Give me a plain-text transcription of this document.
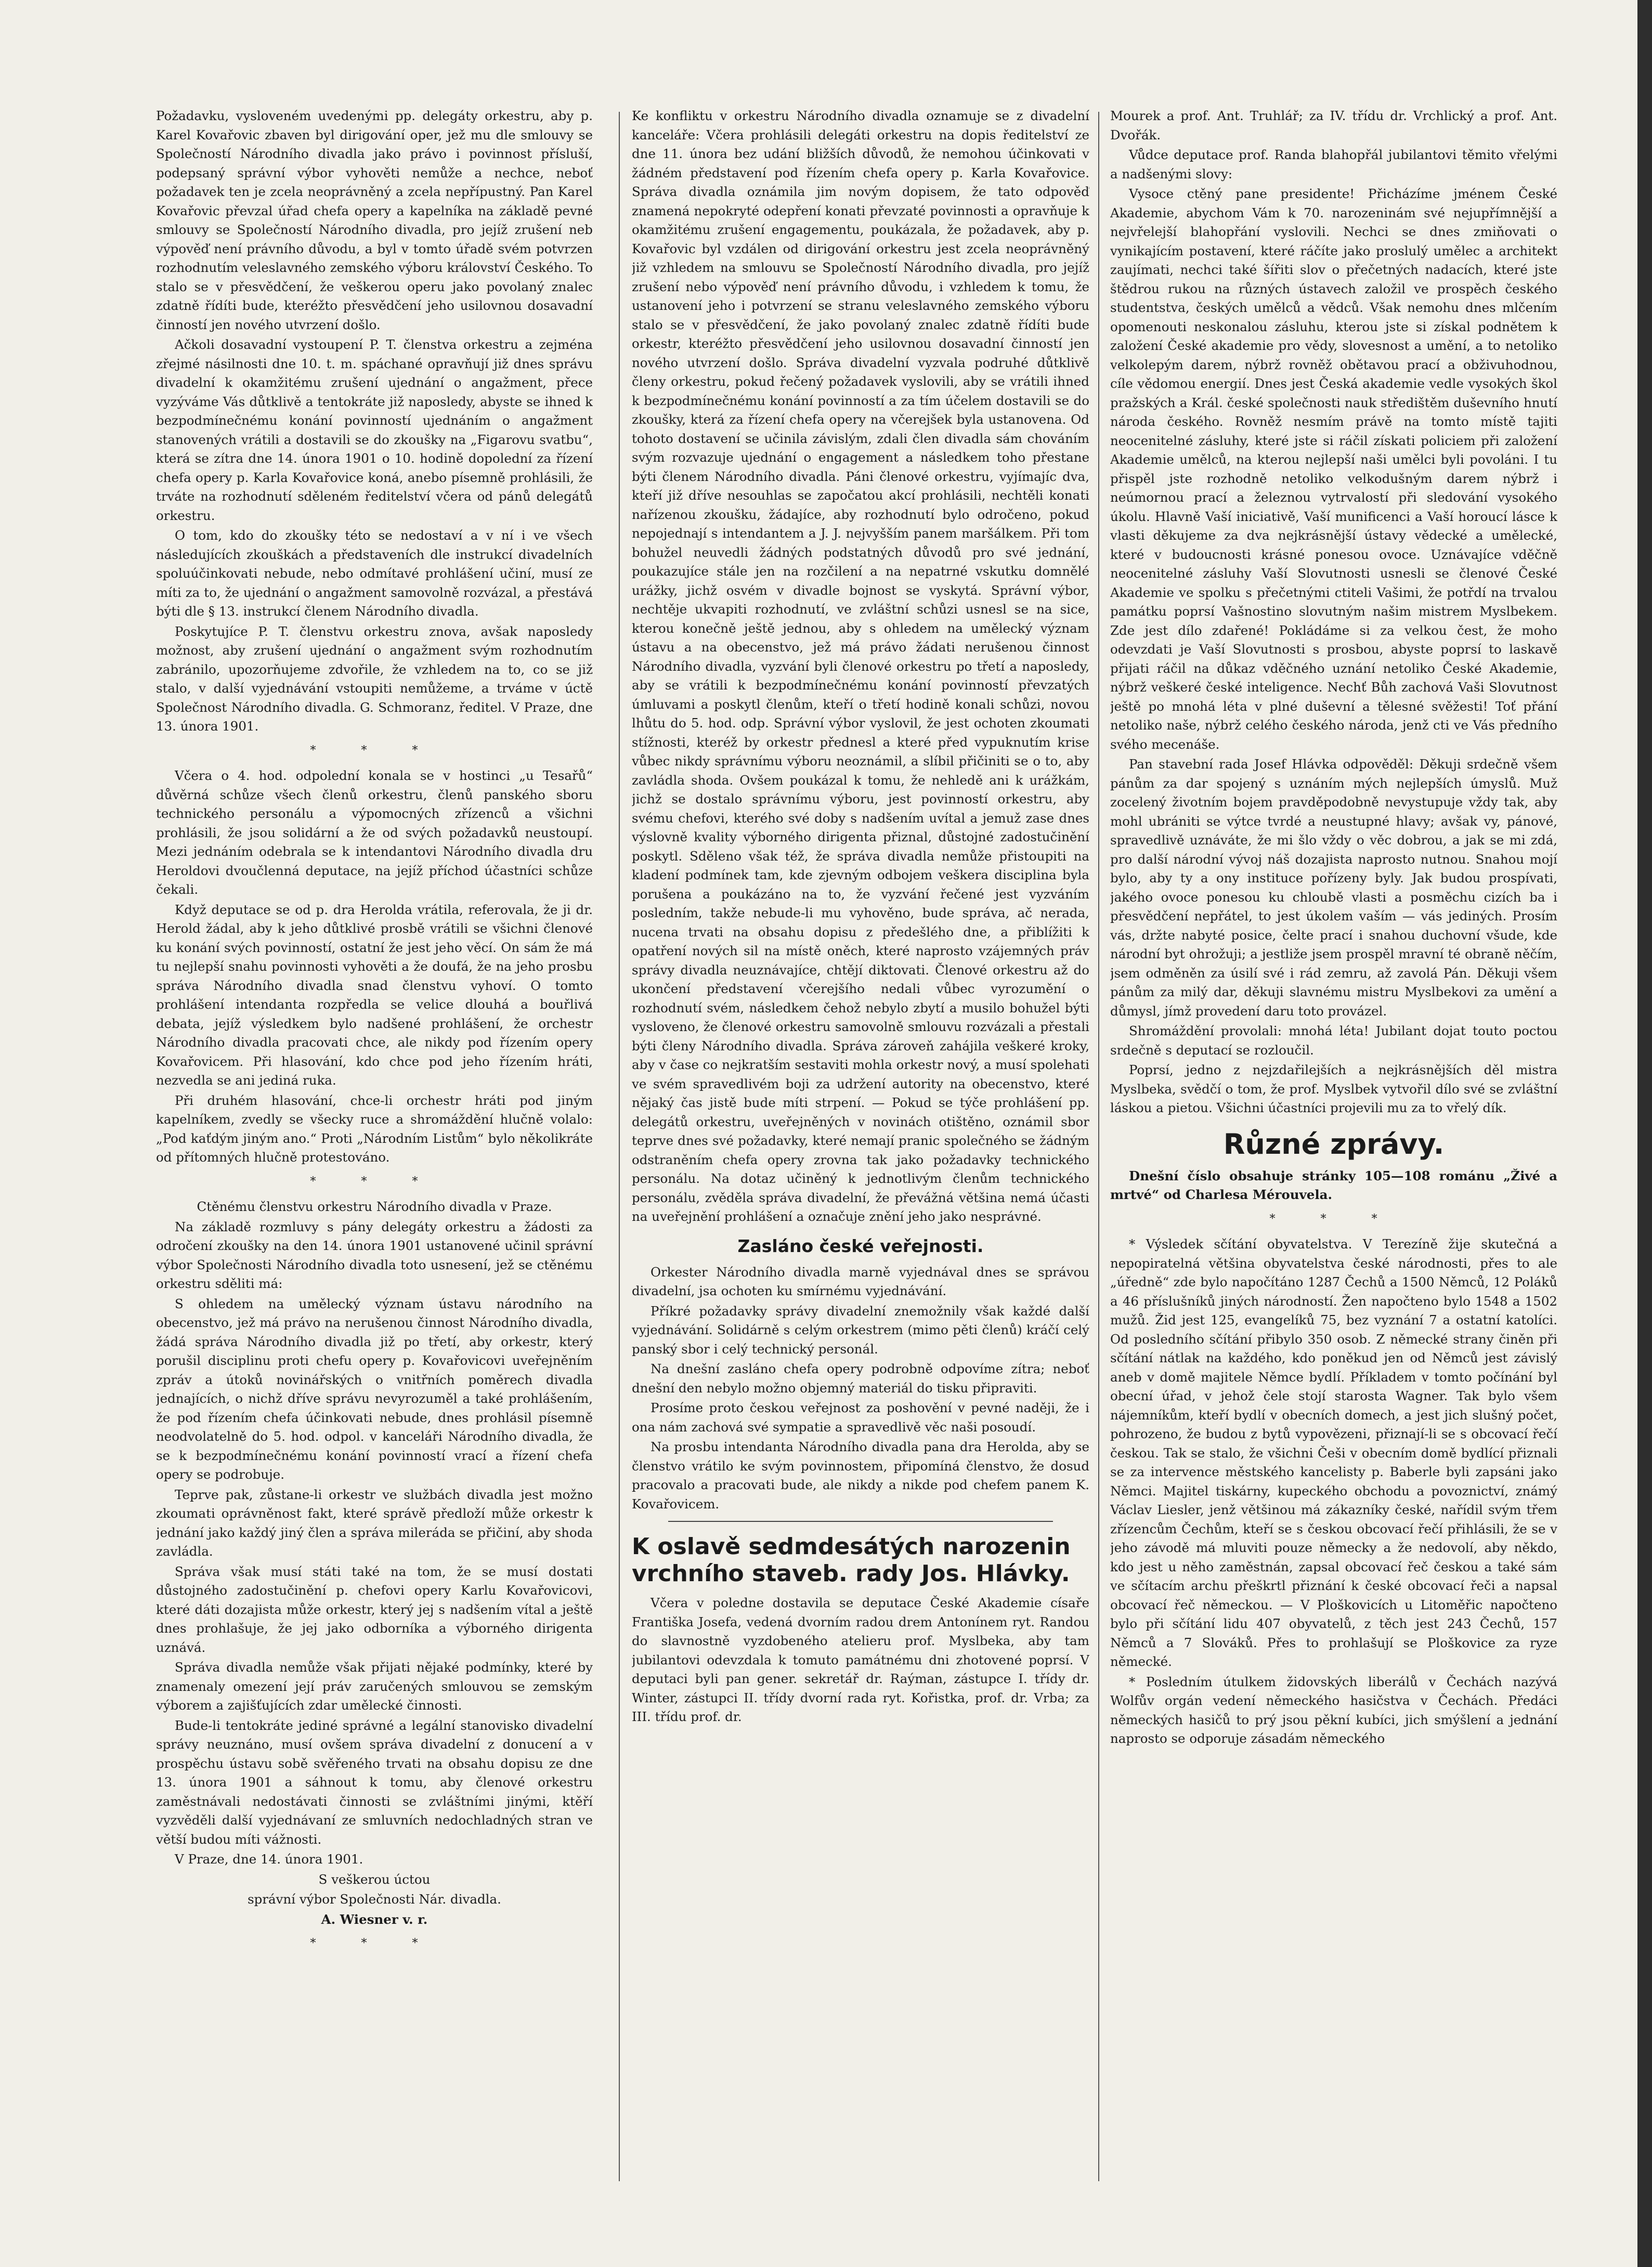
Požadavku, vysloveném uvedenými pp. delegáty orkestru, aby p. Karel Kovařovic zbaven byl dirigování oper, jež mu dle smlouvy se Společností Národního divadla jako právo i povinnost přísluší, podepsaný správní výbor vyhověti nemůže a nechce, neboť požadavek ten je zcela neoprávněný a zcela nepřípustný. Pan Karel Kovařovic převzal úřad chefa opery a kapelníka na základě pevné smlouvy se Společností Národního divadla, pro jejíž zrušení neb výpověď není právního důvodu, a byl v tomto úřadě svém potvrzen rozhodnutím veleslavného zemského výboru království Českého. To stalo se v přesvědčení, že veškerou operu jako povolaný znalec zdatně řídíti bude, kteréžto přesvědčení jeho usilovnou dosavadní činností jen nového utvrzení došlo.

Ačkoli dosavadní vystoupení P. T. členstva orkestru a zejména zřejmé násilnosti dne 10. t. m. spáchané opravňují již dnes správu divadelní k okamžitému zrušení ujednání o angažment, přece vyzýváme Vás důtklivě a tentokráte již naposledy, abyste se ihned k bezpodmínečnému konání povinností ujednáním o angažment stanovených vrátili a dostavili se do zkoušky na „Figarovu svatbu“, která se zítra dne 14. února 1901 o 10. hodině dopolední za řízení chefa opery p. Karla Kovařovice koná, anebo písemně prohlásili, že trváte na rozhodnutí sděleném ředitelství včera od pánů delegátů orkestru.

O tom, kdo do zkoušky této se nedostaví a v ní i ve všech následujících zkouškách a představeních dle instrukcí divadelních spoluúčinkovati nebude, nebo odmítavé prohlášení učiní, musí ze míti za to, že ujednání o angažment samovolně rozvázal, a přestává býti dle § 13. instrukcí členem Národního divadla.

Poskytujíce P. T. členstvu orkestru znova, avšak naposledy možnost, aby zrušení ujednání o angažment svým rozhodnutím zabránilo, upozorňujeme zdvořile, že vzhledem na to, co se již stalo, v další vyjednávání vstoupiti nemůžeme, a trváme v úctě Společnost Národního divadla. G. Schmoranz, ředitel. V Praze, dne 13. února 1901.

* * *

Včera o 4. hod. odpolední konala se v hostinci „u Tesařů“ důvěrná schůze všech členů orkestru, členů panského sboru technického personálu a výpomocných zřízenců a všichni prohlásili, že jsou solidární a že od svých požadavků neustoupí. Mezi jednáním odebrala se k intendantovi Národního divadla dru Heroldovi dvoučlenná deputace, na jejíž příchod účastníci schůze čekali.

Když deputace se od p. dra Herolda vrátila, referovala, že ji dr. Herold žádal, aby k jeho důtklivé prosbě vrátili se všichni členové ku konání svých povinností, ostatní že jest jeho věcí. On sám že má tu nejlepší snahu povinnosti vyhověti a že doufá, že na jeho prosbu správa Národního divadla snad členstvu vyhoví. O tomto prohlášení intendanta rozpředla se velice dlouhá a bouřlivá debata, jejíž výsledkem bylo nadšené prohlášení, že orchestr Národního divadla pracovati chce, ale nikdy pod řízením opery Kovařovicem. Při hlasování, kdo chce pod jeho řízením hráti, nezvedla se ani jediná ruka.

Při druhém hlasování, chce-li orchestr hráti pod jiným kapelníkem, zvedly se všecky ruce a shromáždění hlučně volalo: „Pod kaťdým jiným ano.“ Proti „Národním Listům“ bylo několikráte od přítomných hlučně protestováno.

* * *

Ctěnému členstvu orkestru Národního divadla v Praze.

Na základě rozmluvy s pány delegáty orkestru a žádosti za odročení zkoušky na den 14. února 1901 ustanovené učinil správní výbor Společnosti Národního divadla toto usnesení, jež se ctěnému orkestru sděliti má:

S ohledem na umělecký význam ústavu národního na obecenstvo, jež má právo na nerušenou činnost Národního divadla, žádá správa Národního divadla již po třetí, aby orkestr, který porušil disciplinu proti chefu opery p. Kovařovicovi uveřejněním zpráv a útoků novinářských o vnitřních poměrech divadla jednajících, o nichž dříve správu nevyrozuměl a také prohlášením, že pod řízením chefa účinkovati nebude, dnes prohlásil písemně neodvolatelně do 5. hod. odpol. v kanceláři Národního divadla, že se k bezpodmínečnému konání povinností vrací a řízení chefa opery se podrobuje.

Teprve pak, zůstane-li orkestr ve službách divadla jest možno zkoumati oprávněnost fakt, které správě předloží může orkestr k jednání jako každý jiný člen a správa mileráda se přičiní, aby shoda zavládla.

Správa však musí státi také na tom, že se musí dostati důstojného zadostučinění p. chefovi opery Karlu Kovařovicovi, které dáti dozajista může orkestr, který jej s nadšením vítal a ještě dnes prohlašuje, že jej jako odborníka a výborného dirigenta uznává.

Správa divadla nemůže však přijati nějaké podmínky, které by znamenaly omezení její práv zaručených smlouvou se zemským výborem a zajišťujících zdar umělecké činnosti.

Bude-li tentokráte jediné správné a legální stanovisko divadelní správy neuznáno, musí ovšem správa divadelní z donucení a v prospěchu ústavu sobě svěřeného trvati na obsahu dopisu ze dne 13. února 1901 a sáhnout k tomu, aby členové orkestru zaměstnávali nedostávati činnosti se zvláštními jinými, ktěří vyzvěděli další vyjednávaní ze smluvních nedochladných stran ve větší budou míti vážnosti.

V Praze, dne 14. února 1901.

S veškerou úctou

správní výbor Společnosti Nár. divadla.

A. Wiesner v. r.

* * *

Ke konfliktu v orkestru Národního divadla oznamuje se z divadelní kanceláře: Včera prohlásili delegáti orkestru na dopis ředitelství ze dne 11. února bez udání bližších důvodů, že nemohou účinkovati v žádném představení pod řízením chefa opery p. Karla Kovařovice. Správa divadla oznámila jim novým dopisem, že tato odpověď znamená nepokryté odepření konati převzaté povinnosti a opravňuje k okamžitému zrušení engagementu, poukázala, že požadavek, aby p. Kovařovic byl vzdálen od dirigování orkestru jest zcela neoprávněný již vzhledem na smlouvu se Společností Národního divadla, pro jejíž zrušení nebo výpověď není právního důvodu, i vzhledem k tomu, že ustanovení jeho i potvrzení se stranu veleslavného zemského výboru stalo se v přesvědčení, že jako povolaný znalec zdatně řídíti bude orkestr, kteréžto přesvědčení jeho usilovnou dosavadní činností jen nového utvrzení došlo. Správa divadelní vyzvala podruhé důtklivě členy orkestru, pokud řečený požadavek vyslovili, aby se vrátili ihned k bezpodmínečnému konání povinností a za tím účelem dostavili se do zkoušky, která za řízení chefa opery na včerejšek byla ustanovena. Od tohoto dostavení se učinila závislým, zdali člen divadla sám chováním svým rozvazuje ujednání o engagement a následkem toho přestane býti členem Národního divadla. Páni členové orkestru, vyjímajíc dva, kteří již dříve nesouhlas se započatou akcí prohlásili, nechtěli konati nařízenou zkoušku, žádajíce, aby rozhodnutí bylo odročeno, pokud nepojednají s intendantem a J. J. nejvyšším panem maršálkem. Při tom bohužel neuvedli žádných podstatných důvodů pro své jednání, poukazujíce stále jen na rozčilení a na nepatrné vskutku domnělé urážky, jichž osvém v divadle bojnost se vyskytá. Správní výbor, nechtěje ukvapiti rozhodnutí, ve zvláštní schůzi usnesl se na sice, kterou konečně ještě jednou, aby s ohledem na umělecký význam ústavu a na obecenstvo, jež má právo žádati nerušenou činnost Národního divadla, vyzvání byli členové orkestru po třetí a naposledy, aby se vrátili k bezpodmínečnému konání povinností převzatých úmluvami a poskytl členům, kteří o třetí hodině konali schůzi, novou lhůtu do 5. hod. odp. Správní výbor vyslovil, že jest ochoten zkoumati stížnosti, kteréž by orkestr přednesl a které před vypuknutím krise vůbec nikdy správnímu výboru neoznámil, a slíbil přičiniti se o to, aby zavládla shoda. Ovšem poukázal k tomu, že nehledě ani k urážkám, jichž se dostalo správnímu výboru, jest povinností orkestru, aby svému chefovi, kterého své doby s nadšením uvítal a jemuž zase dnes výslovně kvality výborného dirigenta přiznal, důstojné zadostučinění poskytl. Sděleno však též, že správa divadla nemůže přistoupiti na kladení podmínek tam, kde zjevným odbojem veškera disciplina byla porušena a poukázáno na to, že vyzvání řečené jest vyzváním posledním, takže nebude-li mu vyhověno, bude správa, ač nerada, nucena trvati na obsahu dopisu z předešlého dne, a přiblížiti k opatření nových sil na místě oněch, které naprosto vzájemných práv správy divadla neuznávajíce, chtějí diktovati. Členové orkestru až do ukončení představení včerejšího nedali vůbec vyrozumění o rozhodnutí svém, následkem čehož nebylo zbytí a musilo bohužel býti vysloveno, že členové orkestru samovolně smlouvu rozvázali a přestali býti členy Národního divadla. Správa zároveň zahájila veškeré kroky, aby v čase co nejkratším sestaviti mohla orkestr nový, a musí spolehati ve svém spravedlivém boji za udržení autority na obecenstvo, které nějaký čas jistě bude míti strpení. — Pokud se týče prohlášení pp. delegátů orkestru, uveřejněných v novinách otištěno, oznámil sbor teprve dnes své požadavky, které nemají pranic společného se žádným odstraněním chefa opery zrovna tak jako požadavky technického personálu. Na dotaz učiněný k jednotlivým členům technického personálu, zvěděla správa divadelní, že převážná většina nemá účasti na uveřejnění prohlášení a označuje znění jeho jako nesprávné.

Zasláno české veřejnosti.

Orkester Národního divadla marně vyjednával dnes se správou divadelní, jsa ochoten ku smírnému vyjednávání.

Příkré požadavky správy divadelní znemožnily však každé další vyjednávání. Solidárně s celým orkestrem (mimo pěti členů) kráčí celý panský sbor i celý technický personál.

Na dnešní zasláno chefa opery podrobně odpovíme zítra; neboť dnešní den nebylo možno objemný materiál do tisku připraviti.

Prosíme proto českou veřejnost za poshovění v pevné naději, že i ona nám zachová své sympatie a spravedlivě věc naši posoudí.

Na prosbu intendanta Národního divadla pana dra Herolda, aby se členstvo vrátilo ke svým povinnostem, připomíná členstvo, že dosud pracovalo a pracovati bude, ale nikdy a nikde pod chefem panem K. Kovařovicem.

K oslavě sedmdesátých narozenin vrchního staveb. rady Jos. Hlávky.

Včera v poledne dostavila se deputace České Akademie císaře Františka Josefa, vedená dvorním radou drem Antonínem ryt. Randou do slavnostně vyzdobeného atelieru prof. Myslbeka, aby tam jubilantovi odevzdala k tomuto památnému dni zhotovené poprsí. V deputaci byli pan gener. sekretář dr. Raýman, zástupce I. třídy dr. Winter, zástupci II. třídy dvorní rada ryt. Kořistka, prof. dr. Vrba; za III. třídu prof. dr.

Mourek a prof. Ant. Truhlář; za IV. třídu dr. Vrchlický a prof. Ant. Dvořák.

Vůdce deputace prof. Randa blahopřál jubilantovi těmito vřelými a nadšenými slovy:

Vysoce ctěný pane presidente! Přicházíme jménem České Akademie, abychom Vám k 70. narozeninám své nejupřímnější a nejvřelejší blahopřání vyslovili. Nechci se dnes zmiňovati o vynikajícím postavení, které ráčíte jako proslulý umělec a architekt zaujímati, nechci také šířiti slov o přečetných nadacích, které jste štědrou rukou na různých ústavech založil ve prospěch českého studentstva, českých umělců a vědců. Však nemohu dnes mlčením opomenouti neskonalou zásluhu, kterou jste si získal podnětem k založení České akademie pro vědy, slovesnost a umění, a to netoliko velkolepým darem, nýbrž rovněž obětavou prací a obživuhodnou, cíle vědomou energií. Dnes jest Česká akademie vedle vysokých škol pražských a Král. české společnosti nauk středištěm duševního hnutí národa českého. Rovněž nesmím právě na tomto místě tajiti neocenitelné zásluhy, které jste si ráčil získati policiem při založení Akademie umělců, na kterou nejlepší naši umělci byli povoláni. I tu přispěl jste rozhodně netoliko velkodušným darem nýbrž i neúmornou prací a železnou vytrvalostí při sledování vysokého úkolu. Hlavně Vaší iniciativě, Vaší munificenci a Vaší horoucí lásce k vlasti děkujeme za dva nejkrásnější ústavy vědecké a umělecké, které v budoucnosti krásné ponesou ovoce. Uznávajíce vděčně neocenitelné zásluhy Vaší Slovutnosti usnesli se členové České Akademie ve spolku s přečetnými ctiteli Vašimi, že potřdí na trvalou památku poprsí Vašnostino slovutným našim mistrem Myslbekem. Zde jest dílo zdařené! Pokládáme si za velkou čest, že moho odevzdati je Vaší Slovutnosti s prosbou, abyste poprsí to laskavě přijati ráčil na důkaz vděčného uznání netoliko České Akademie, nýbrž veškeré české inteligence. Nechť Bůh zachová Vaši Slovutnost ještě po mnohá léta v plné duševní a tělesné svěžesti! Toť přání netoliko naše, nýbrž celého českého národa, jenž cti ve Vás předního svého mecenáše.

Pan stavební rada Josef Hlávka odpověděl: Děkuji srdečně všem pánům za dar spojený s uznáním mých nejlepších úmyslů. Muž zocelený životním bojem pravděpodobně nevystupuje vždy tak, aby mohl ubrániti se výtce tvrdé a neustupné hlavy; avšak vy, pánové, spravedlivě uznáváte, že mi šlo vždy o věc dobrou, a jak se mi zdá, pro další národní vývoj náš dozajista naprosto nutnou. Snahou mojí bylo, aby ty a ony instituce pořízeny byly. Jak budou prospívati, jakého ovoce ponesou ku chloubě vlasti a posměchu cizích ba i přesvědčení nepřátel, to jest úkolem vaším — vás jediných. Prosím vás, držte nabyté posice, čelte prací i snahou duchovní všude, kde národní byt ohrožuji; a jestliže jsem prospěl mravní té obraně něčím, jsem odměněn za úsilí své i rád zemru, až zavolá Pán. Děkuji všem pánům za milý dar, děkuji slavnému mistru Myslbekovi za umění a důmysl, jímž provedení daru toto provázel.

Shromáždění provolali: mnohá léta! Jubilant dojat touto poctou srdečně s deputací se rozloučil.

Poprsí, jedno z nejzdařilejších a nejkrásnějších děl mistra Myslbeka, svědčí o tom, že prof. Myslbek vytvořil dílo své se zvláštní láskou a pietou. Všichni účastníci projevili mu za to vřelý dík.

Různé zprávy.

Dnešní číslo obsahuje stránky 105—108 románu „Živé a mrtvé“ od Charlesa Mérouvela.

* * *

* Výsledek sčítání obyvatelstva. V Terezíně žije skutečná a nepopiratelná většina obyvatelstva české národnosti, přes to ale „úředně“ zde bylo napočítáno 1287 Čechů a 1500 Němců, 12 Poláků a 46 příslušníků jiných národností. Žen napočteno bylo 1548 a 1502 mužů. Žid jest 125, evangelíků 75, bez vyznání 7 a ostatní katolíci. Od posledního sčítání přibylo 350 osob. Z německé strany činěn při sčítání nátlak na každého, kdo poněkud jen od Němců jest závislý aneb v domě majitele Němce bydlí. Příkladem v tomto počínání byl obecní úřad, v jehož čele stojí starosta Wagner. Tak bylo všem nájemníkům, kteří bydlí v obecních domech, a jest jich slušný počet, pohrozeno, že budou z bytů vypovězeni, přiznají-li se s obcovací řečí českou. Tak se stalo, že všichni Češi v obecním domě bydlící přiznali se za intervence městského kancelisty p. Baberle byli zapsáni jako Němci. Majitel tiskárny, kupeckého obchodu a povoznictví, známý Václav Liesler, jenž většinou má zákazníky české, nařídil svým třem zřízencům Čechům, kteří se s českou obcovací řečí přihlásili, že se v jeho závodě má mluviti pouze německy a že nedovolí, aby někdo, kdo jest u něho zaměstnán, zapsal obcovací řeč českou a také sám ve sčítacím archu přeškrtl přiznání k české obcovací řeči a napsal obcovací řeč německou. — V Ploškovicích u Litoměřic napočteno bylo při sčítání lidu 407 obyvatelů, z těch jest 243 Čechů, 157 Němců a 7 Slováků. Přes to prohlašují se Ploškovice za ryze německé.

* Posledním útulkem židovských liberálů v Čechách nazývá Wolfův orgán vedení německého hasičstva v Čechách. Předáci německých hasičů to prý jsou pěkní kubíci, jich smýšlení a jednání naprosto se odporuje zásadám německého
